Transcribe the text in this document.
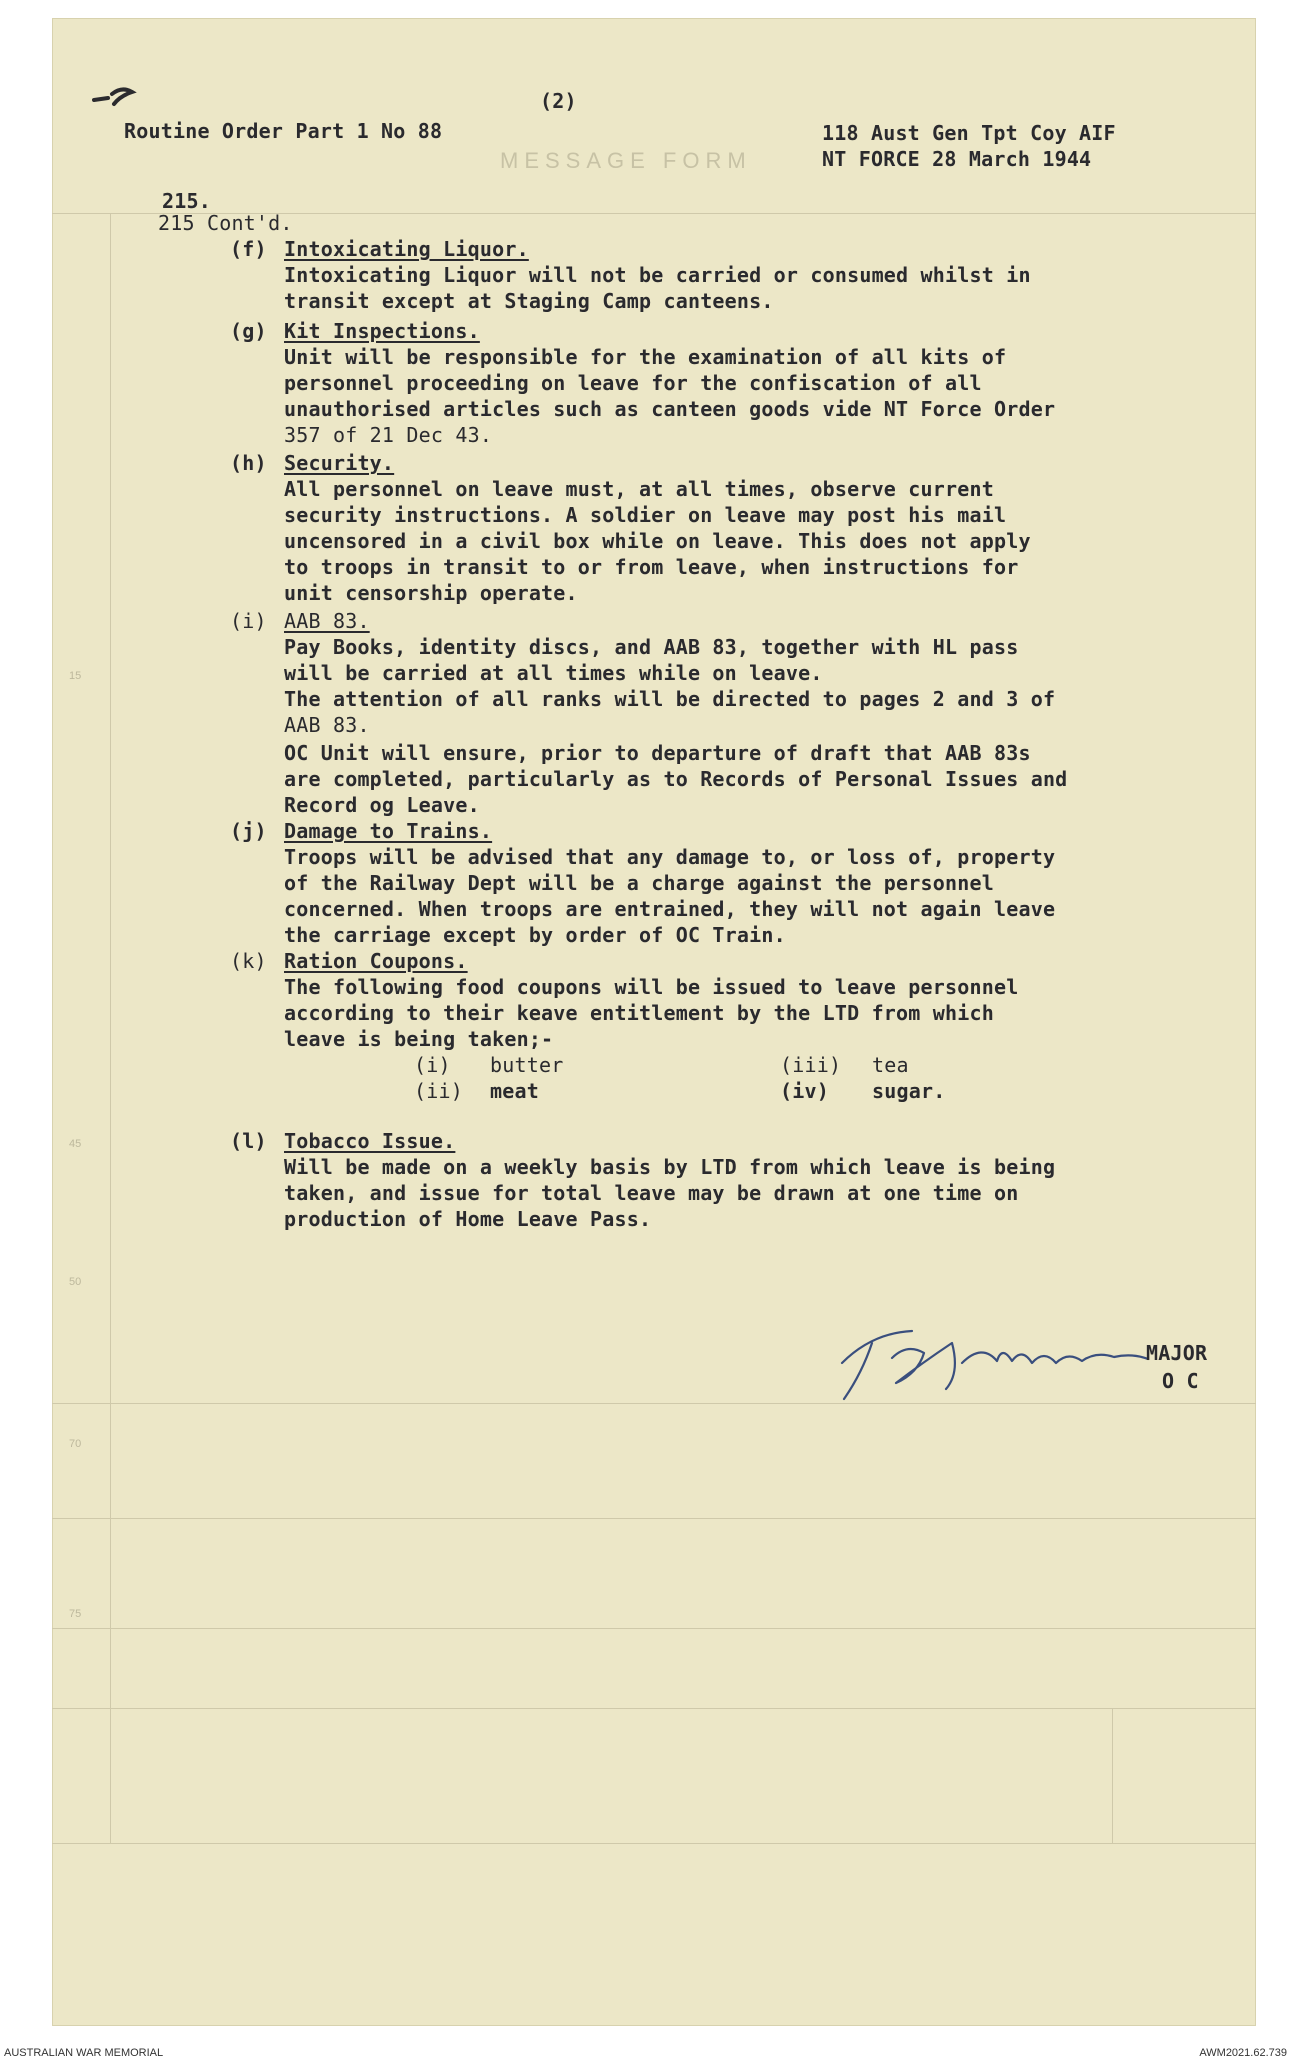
MESSAGE FORM
15
45
50
70
75
(2)
Routine Order Part 1 No 88	118 Aust Gen Tpt Coy AIF
NT FORCE 28 March 1944
215.
215 Cont'd.
(f) Intoxicating Liquor.
Intoxicating Liquor will not be carried or consumed whilst in
transit except at Staging Camp canteens.
(g) Kit Inspections.
Unit will be responsible for the examination of all kits of
personnel proceeding on leave for the confiscation of all
unauthorised articles such as canteen goods vide NT Force Order
357 of 21 Dec 43.
(h) Security.
All personnel on leave must, at all times, observe current
security instructions. A soldier on leave may post his mail
uncensored in a civil box while on leave. This does not apply
to troops in transit to or from leave, when instructions for
unit censorship operate.
(i) AAB 83.
Pay Books, identity discs, and AAB 83, together with HL pass
will be carried at all times while on leave.
The attention of all ranks will be directed to pages 2 and 3 of
AAB 83.
OC Unit will ensure, prior to departure of draft that AAB 83s
are completed, particularly as to Records of Personal Issues and
Record og Leave.
(j) Damage to Trains.
Troops will be advised that any damage to, or loss of, property
of the Railway Dept will be a charge against the personnel
concerned. When troops are entrained, they will not again leave
the carriage except by order of OC Train.
(k) Ration Coupons.
The following food coupons will be issued to leave personnel
according to their keave entitlement by the LTD from which
leave is being taken;-
(i) butter
(ii) meat
(iii) tea
(iv) sugar.
(l) Tobacco Issue.
Will be made on a weekly basis by LTD from which leave is being
taken, and issue for total leave may be drawn at one time on
production of Home Leave Pass.
MAJOR
O C
AUSTRALIAN WAR MEMORIAL	AWM2021.62.739
